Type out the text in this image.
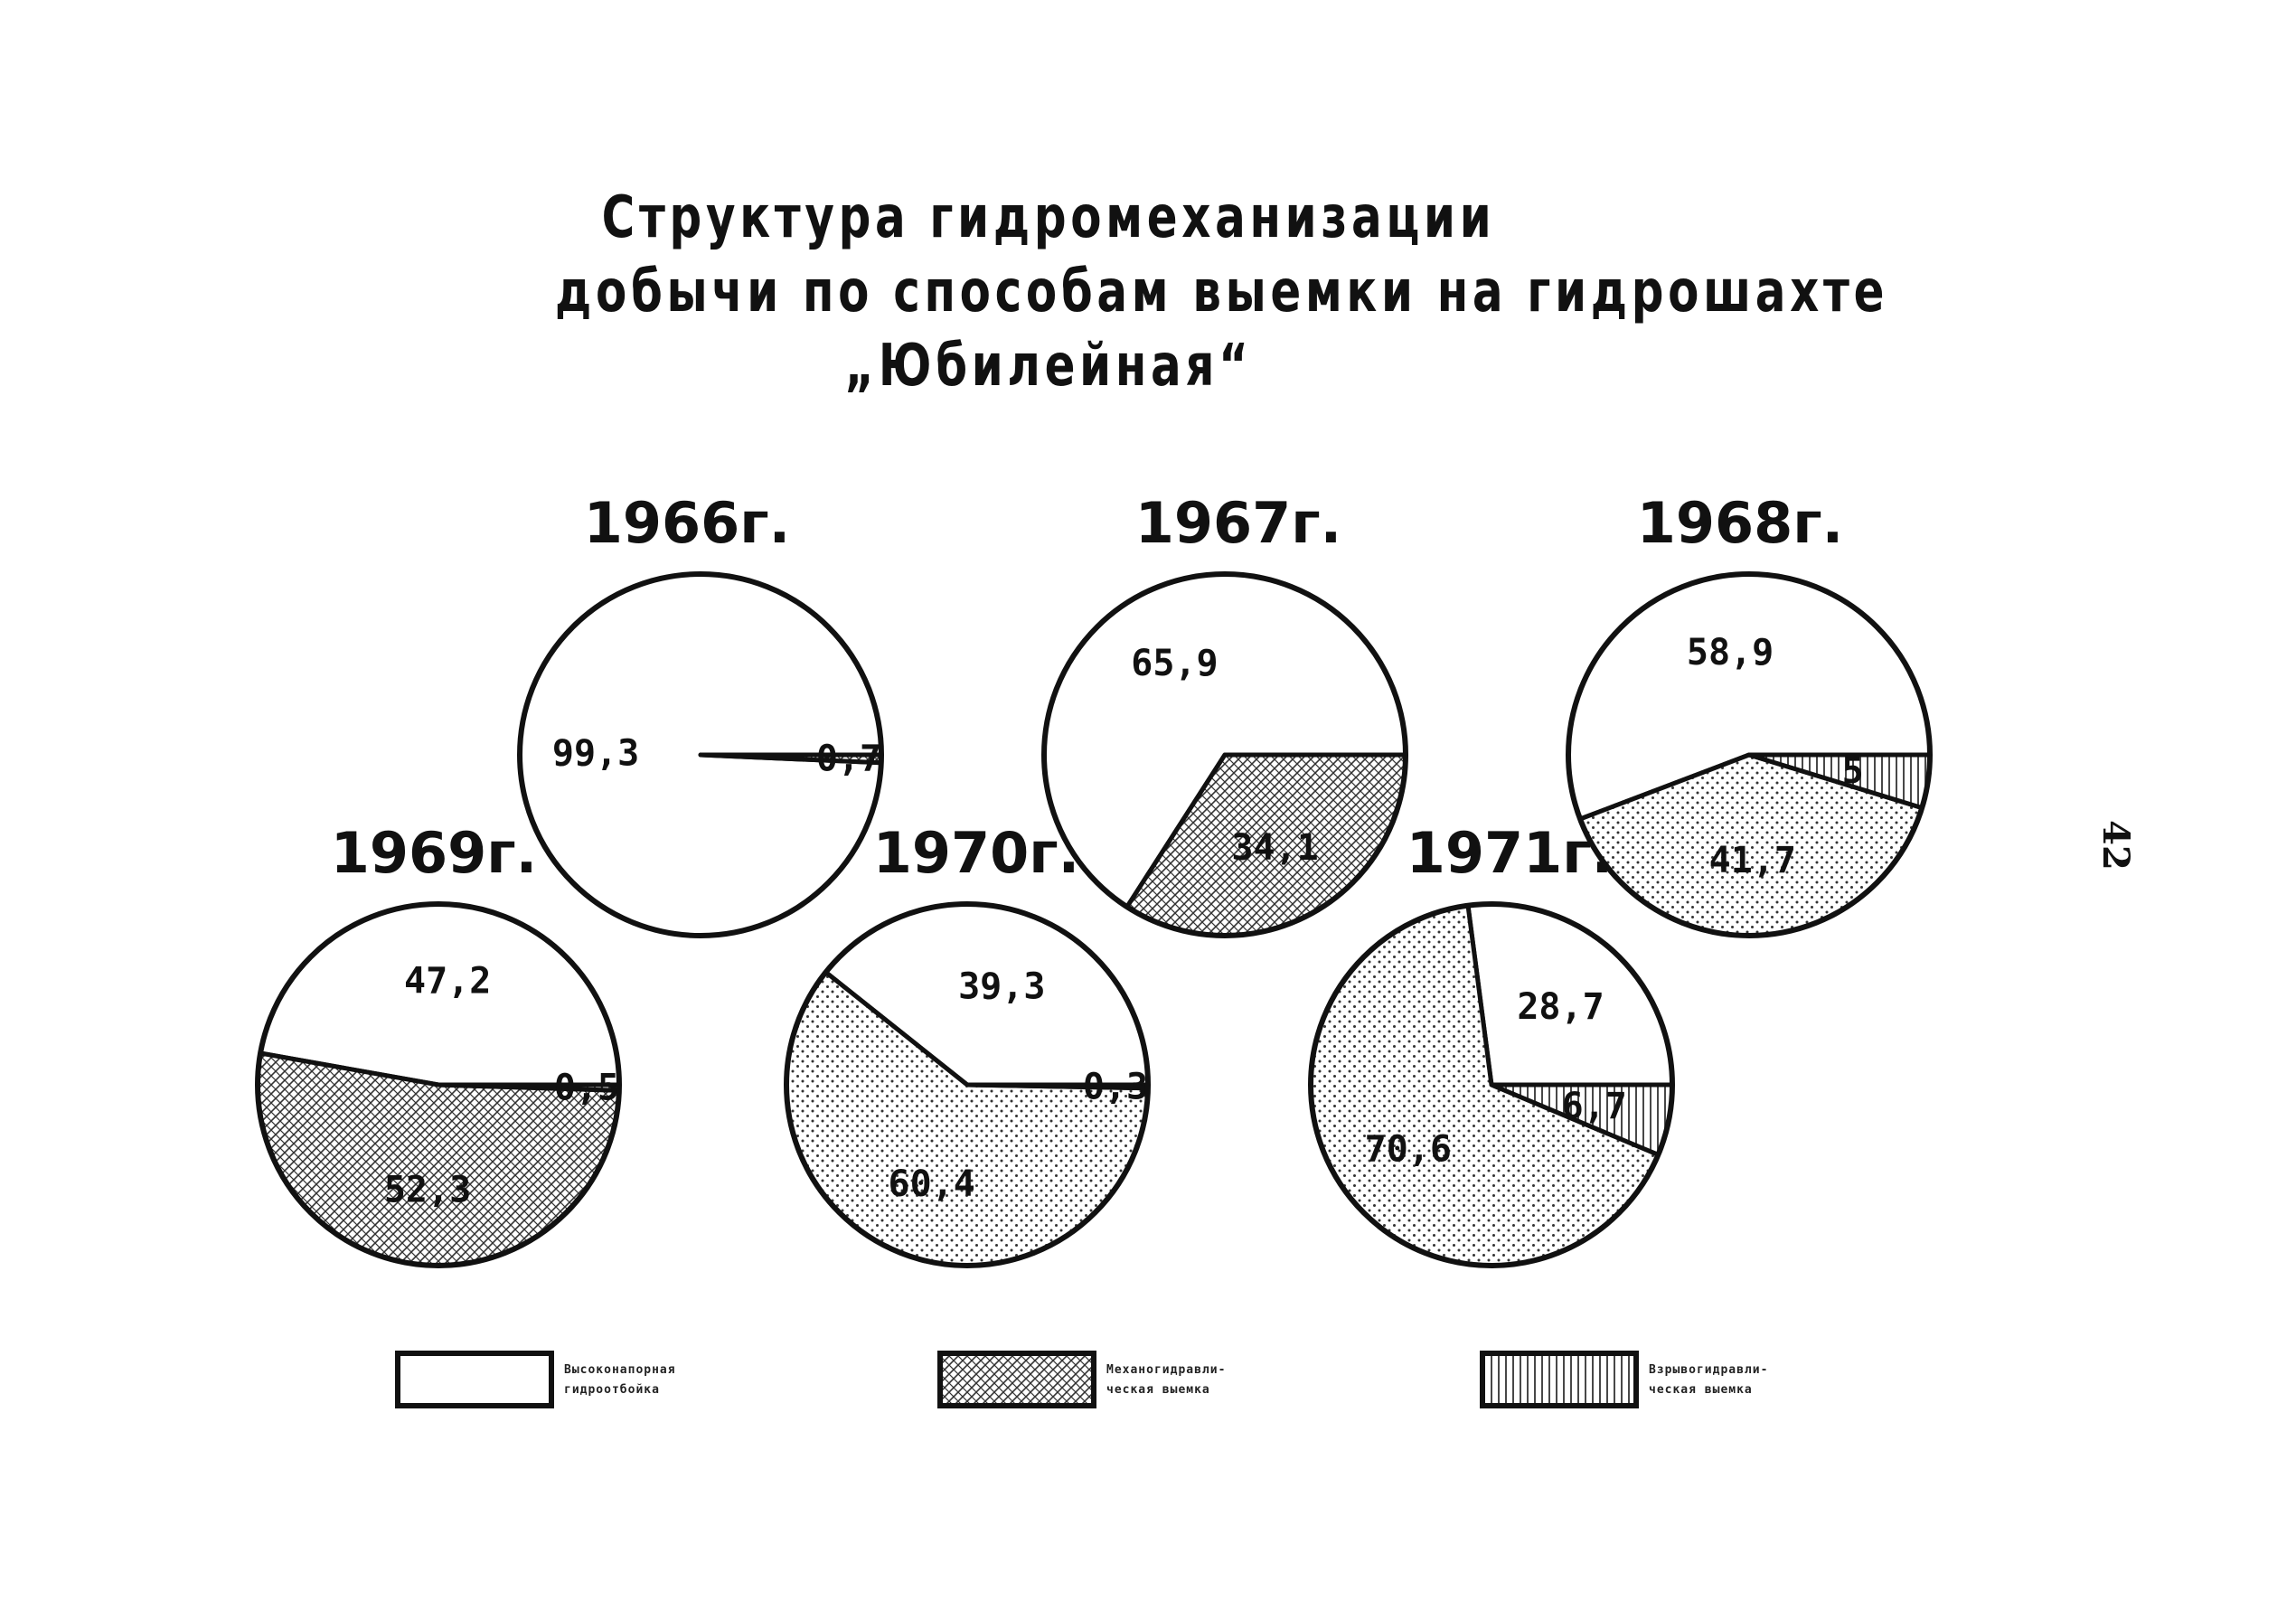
Структура гидромеханизации
добычи по способам выемки на гидрошахте
„Юбилейная“
99,3	0,7
1966г.
65,9
34,1
1967г.
58,9
41,7
5
1968г.
47,2
52,3
0,5
1969г.
39,3
60,4
0,3
1970г.
28,7
70,6
6,7
1971г.
Высоконапорная
гидроотбойка
Механогидравли-
ческая выемка
Взрывогидравли-
ческая выемка
42
